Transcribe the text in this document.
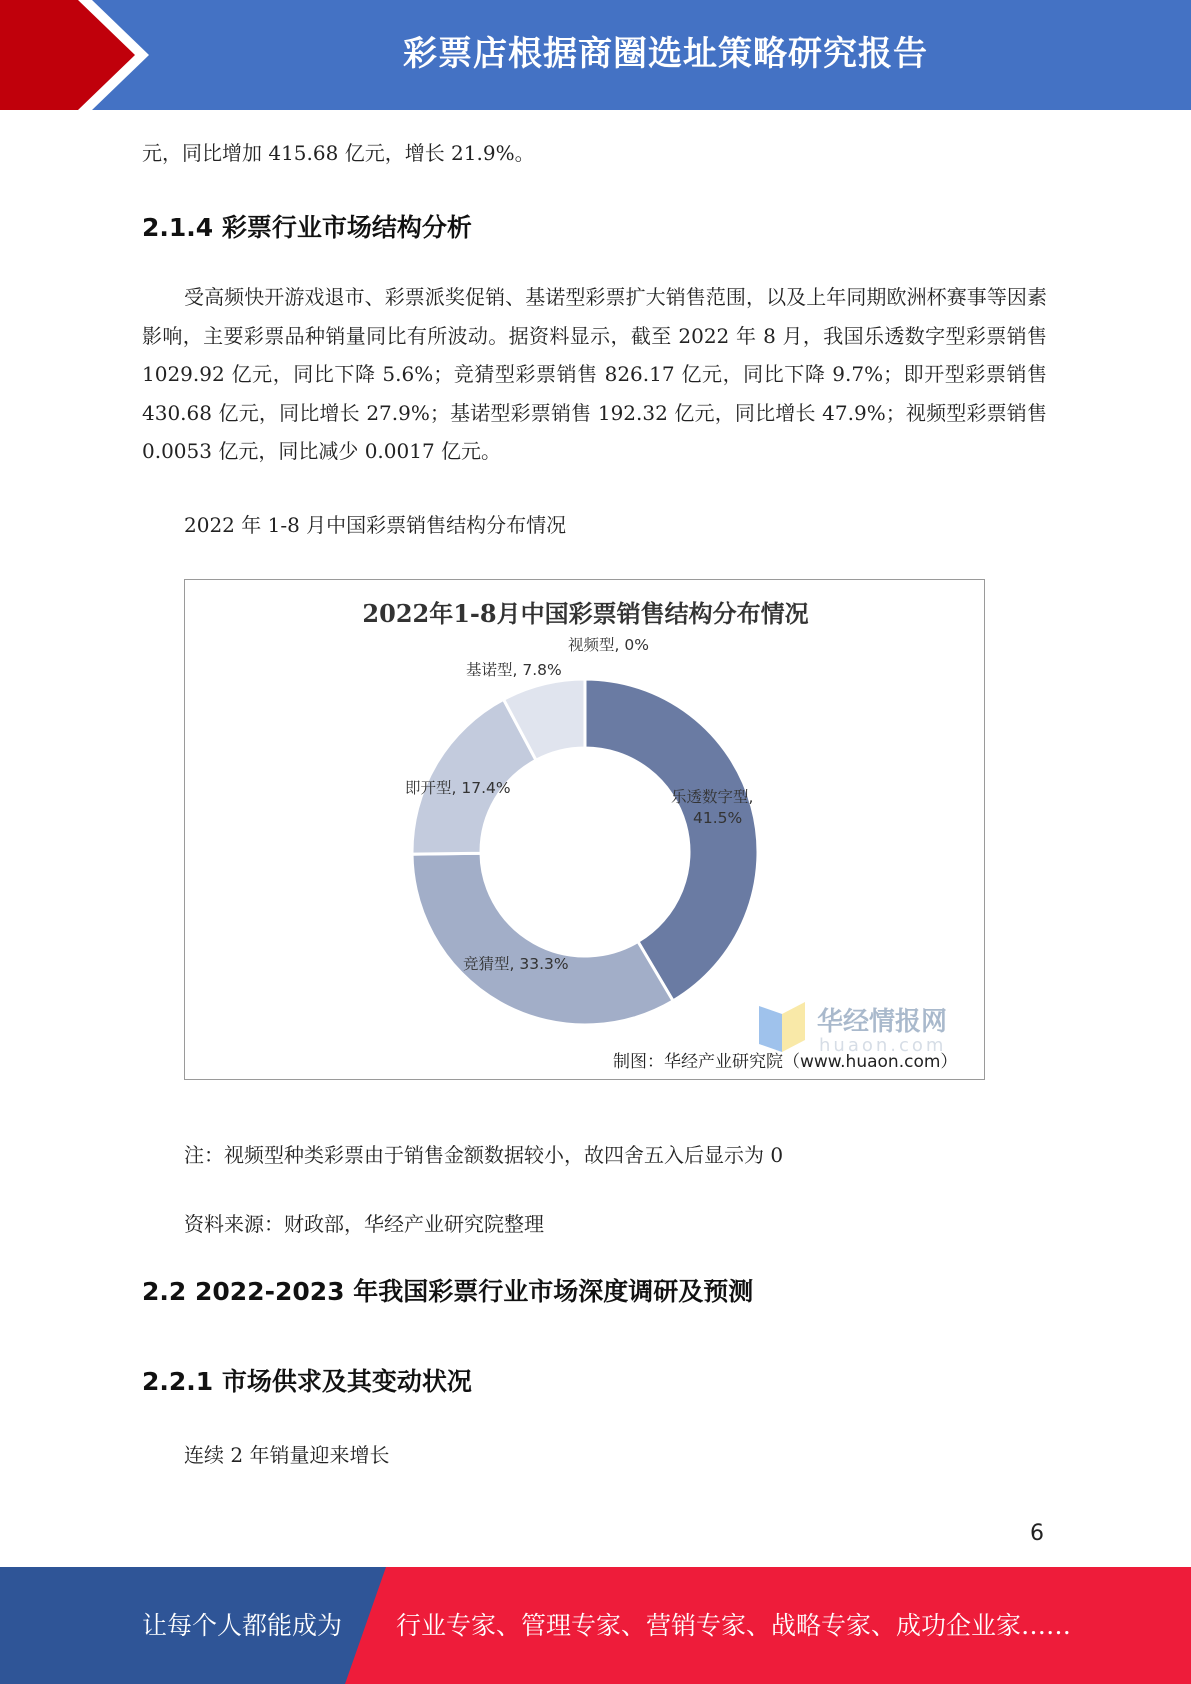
彩票店根据商圈选址策略研究报告
元，同比增加 415.68 亿元，增长 21.9%。
2.1.4 彩票行业市场结构分析
受高频快开游戏退市、彩票派奖促销、基诺型彩票扩大销售范围，以及上年同期欧洲杯赛事等因素影响，主要彩票品种销量同比有所波动。据资料显示，截至 2022 年 8 月，我国乐透数字型彩票销售 1029.92 亿元，同比下降 5.6%；竞猜型彩票销售 826.17 亿元，同比下降 9.7%；即开型彩票销售 430.68 亿元，同比增长 27.9%；基诺型彩票销售 192.32 亿元，同比增长 47.9%；视频型彩票销售 0.0053 亿元，同比减少 0.0017 亿元。
2022 年 1-8 月中国彩票销售结构分布情况
2022年1-8月中国彩票销售结构分布情况
视频型, 0%
基诺型, 7.8%
即开型, 17.4%	乐透数字型,
41.5%
竞猜型, 33.3%
华经情报网
huaon.com
制图：华经产业研究院（www.huaon.com）
注：视频型种类彩票由于销售金额数据较小，故四舍五入后显示为 0
资料来源：财政部，华经产业研究院整理
2.2 2022-2023 年我国彩票行业市场深度调研及预测
2.2.1 市场供求及其变动状况
连续 2 年销量迎来增长
6
让每个人都能成为 行业专家、管理专家、营销专家、战略专家、成功企业家……
